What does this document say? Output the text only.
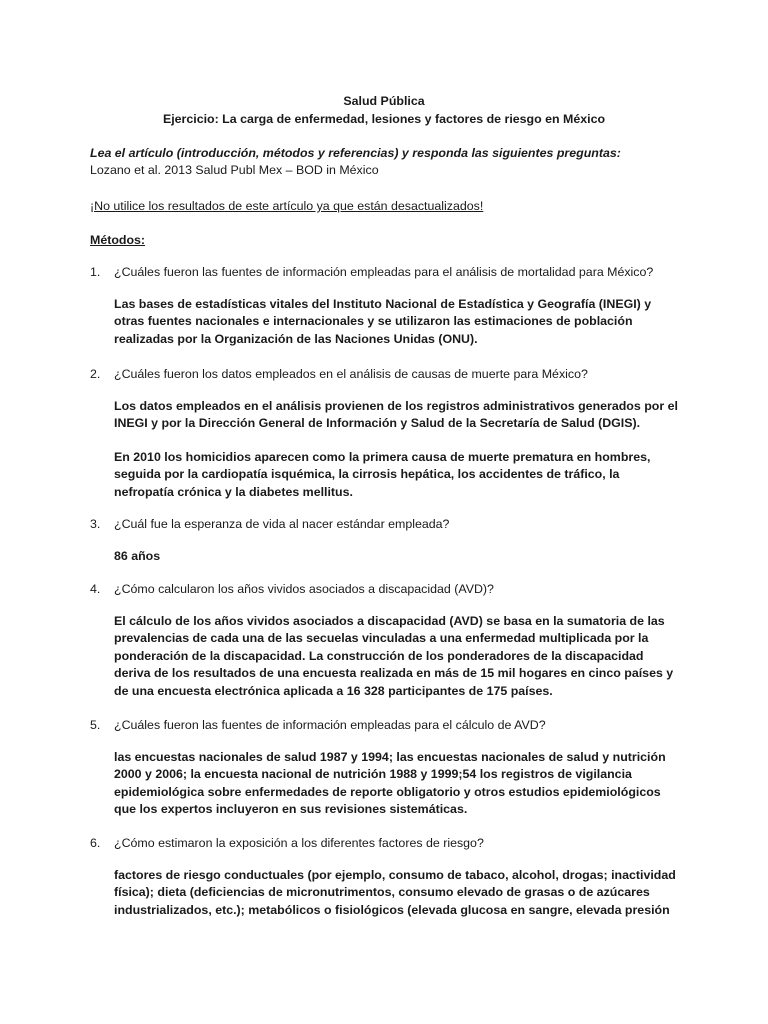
Salud Pública
Ejercicio: La carga de enfermedad, lesiones y factores de riesgo en México
Lea el artículo (introducción, métodos y referencias) y responda las siguientes preguntas:
Lozano et al. 2013 Salud Publ Mex – BOD in México
¡No utilice los resultados de este artículo ya que están desactualizados!
Métodos:
1.	¿Cuáles fueron las fuentes de información empleadas para el análisis de mortalidad para México?
Las bases de estadísticas vitales del Instituto Nacional de Estadística y Geografía (INEGI) y otras fuentes nacionales e internacionales y se utilizaron las estimaciones de población realizadas por la Organización de las Naciones Unidas (ONU).
2.	¿Cuáles fueron los datos empleados en el análisis de causas de muerte para México?
Los datos empleados en el análisis provienen de los registros administrativos generados por el INEGI y por la Dirección General de Información y Salud de la Secretaría de Salud (DGIS).
En 2010 los homicidios aparecen como la primera causa de muerte prematura en hombres, seguida por la cardiopatía isquémica, la cirrosis hepática, los accidentes de tráfico, la nefropatía crónica y la diabetes mellitus.
3.	¿Cuál fue la esperanza de vida al nacer estándar empleada?
86 años
4.	¿Cómo calcularon los años vividos asociados a discapacidad (AVD)?
El cálculo de los años vividos asociados a discapacidad (AVD) se basa en la sumatoria de las prevalencias de cada una de las secuelas vinculadas a una enfermedad multiplicada por la ponderación de la discapacidad. La construcción de los ponderadores de la discapacidad deriva de los resultados de una encuesta realizada en más de 15 mil hogares en cinco países y de una encuesta electrónica aplicada a 16 328 participantes de 175 países.
5.	¿Cuáles fueron las fuentes de información empleadas para el cálculo de AVD?
las encuestas nacionales de salud 1987 y 1994; las encuestas nacionales de salud y nutrición 2000 y 2006; la encuesta nacional de nutrición 1988 y 1999;54 los registros de vigilancia epidemiológica sobre enfermedades de reporte obligatorio y otros estudios epidemiológicos que los expertos incluyeron en sus revisiones sistemáticas.
6.	¿Cómo estimaron la exposición a los diferentes factores de riesgo?
factores de riesgo conductuales (por ejemplo, consumo de tabaco, alcohol, drogas; inactividad física); dieta (deficiencias de micronutrimentos, consumo elevado de grasas o de azúcares industrializados, etc.); metabólicos o fisiológicos (elevada glucosa en sangre, elevada presión
